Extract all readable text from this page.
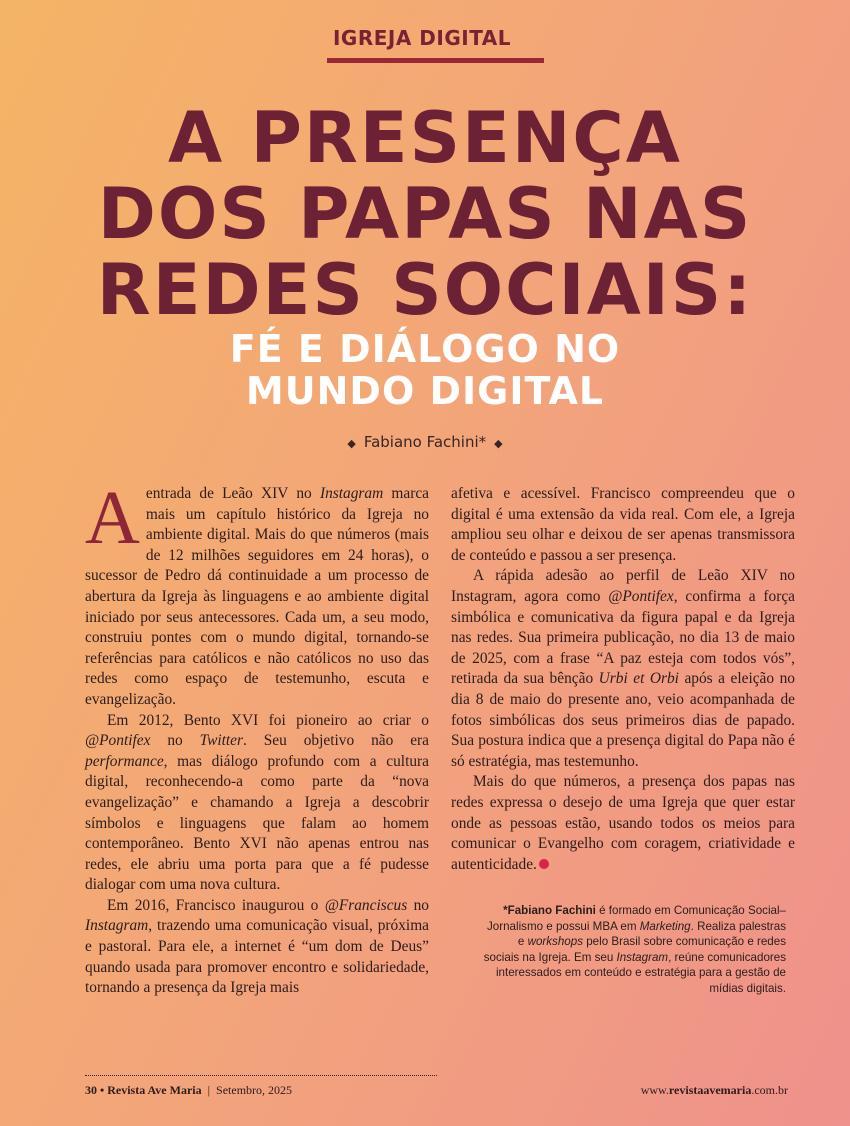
IGREJA DIGITAL
A PRESENÇA
DOS PAPAS NAS
REDES SOCIAIS:
FÉ E DIÁLOGO NO
MUNDO DIGITAL
◆ Fabiano Fachini* ◆

Aentrada de Leão XIV no Instagram marca mais um capítulo histórico da Igreja no ambiente digital. Mais do que números (mais de 12 milhões seguidores em 24 horas), o sucessor de Pedro dá continuidade a um processo de abertura da Igreja às linguagens e ao ambiente digital iniciado por seus antecessores. Cada um, a seu modo, construiu pontes com o mundo digital, tornando-se referências para católicos e não católicos no uso das redes como espaço de testemunho, escuta e evangelização.

Em 2012, Bento XVI foi pioneiro ao criar o @Pontifex no Twitter. Seu objetivo não era performance, mas diálogo profundo com a cultura digital, reconhecendo-a como parte da “nova evangelização” e chamando a Igreja a descobrir símbolos e linguagens que falam ao homem contemporâneo. Bento XVI não apenas entrou nas redes, ele abriu uma porta para que a fé pudesse dialogar com uma nova cultura.

Em 2016, Francisco inaugurou o @Franciscus no Instagram, trazendo uma comunicação visual, próxima e pastoral. Para ele, a internet é “um dom de Deus” quando usada para promover encontro e solidariedade, tornando a presença da Igreja mais

afetiva e acessível. Francisco compreendeu que o digital é uma extensão da vida real. Com ele, a Igreja ampliou seu olhar e deixou de ser apenas transmissora de conteúdo e passou a ser presença.

A rápida adesão ao perfil de Leão XIV no Instagram, agora como @Pontifex, confirma a força simbólica e comunicativa da figura papal e da Igreja nas redes. Sua primeira publicação, no dia 13 de maio de 2025, com a frase “A paz esteja com todos vós”, retirada da sua bênção Urbi et Orbi após a eleição no dia 8 de maio do presente ano, veio acompanhada de fotos simbólicas dos seus primeiros dias de papado. Sua postura indica que a presença digital do Papa não é só estratégia, mas testemunho.

Mais do que números, a presença dos papas nas redes expressa o desejo de uma Igreja que quer estar onde as pessoas estão, usando todos os meios para comunicar o Evangelho com coragem, criatividade e autenticidade.

*Fabiano Fachini é formado em Comunicação Social–Jornalismo e possui MBA em Marketing. Realiza palestras e workshops pelo Brasil sobre comunicação e redes sociais na Igreja. Em seu Instagram, reúne comunicadores interessados em conteúdo e estratégia para a gestão de mídias digitais.
30 • Revista Ave Maria  |  Setembro, 2025	www.revistaavemaria.com.br
